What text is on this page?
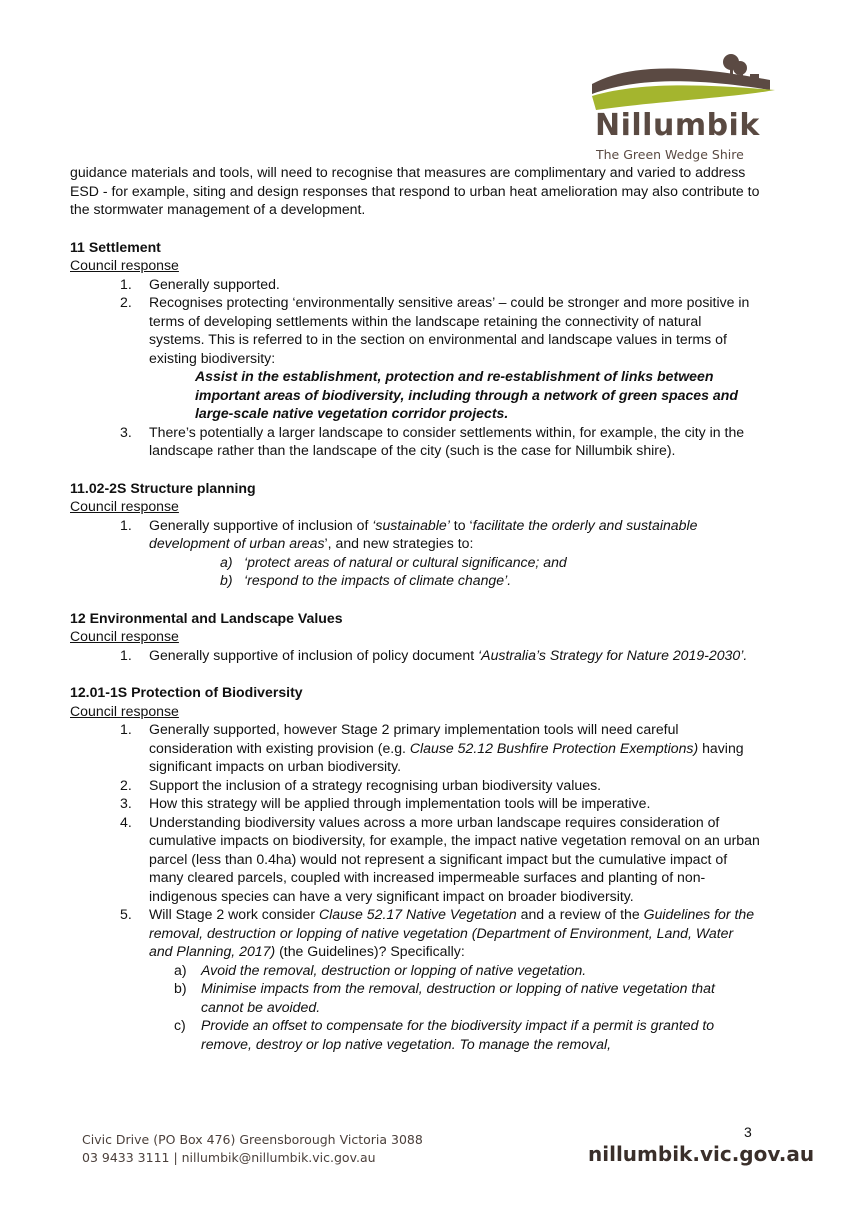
Nillumbik
The Green Wedge Shire

guidance materials and tools, will need to recognise that measures are complimentary and varied to address ESD - for example, siting and design responses that respond to urban heat amelioration may also contribute to the stormwater management of a development.

11 Settlement

Council response

1. Generally supported.
2. Recognises protecting ‘environmentally sensitive areas’ – could be stronger and more positive in terms of developing settlements within the landscape retaining the connectivity of natural systems. This is referred to in the section on environmental and landscape values in terms of existing biodiversity:
Assist in the establishment, protection and re-establishment of links between important areas of biodiversity, including through a network of green spaces and large-scale native vegetation corridor projects.
3. There’s potentially a larger landscape to consider settlements within, for example, the city in the landscape rather than the landscape of the city (such is the case for Nillumbik shire).

11.02-2S Structure planning

Council response

1. Generally supportive of inclusion of ‘sustainable’ to ‘facilitate the orderly and sustainable development of urban areas’, and new strategies to:
a) ‘protect areas of natural or cultural significance; and
b) ‘respond to the impacts of climate change’.

12 Environmental and Landscape Values

Council response

1. Generally supportive of inclusion of policy document ‘Australia’s Strategy for Nature 2019-2030’.

12.01-1S Protection of Biodiversity

Council response

1. Generally supported, however Stage 2 primary implementation tools will need careful consideration with existing provision (e.g. Clause 52.12 Bushfire Protection Exemptions) having significant impacts on urban biodiversity.
2. Support the inclusion of a strategy recognising urban biodiversity values.
3. How this strategy will be applied through implementation tools will be imperative.
4. Understanding biodiversity values across a more urban landscape requires consideration of cumulative impacts on biodiversity, for example, the impact native vegetation removal on an urban parcel (less than 0.4ha) would not represent a significant impact but the cumulative impact of many cleared parcels, coupled with increased impermeable surfaces and planting of non-indigenous species can have a very significant impact on broader biodiversity.
5. Will Stage 2 work consider Clause 52.17 Native Vegetation and a review of the Guidelines for the removal, destruction or lopping of native vegetation (Department of Environment, Land, Water and Planning, 2017) (the Guidelines)? Specifically:
a) Avoid the removal, destruction or lopping of native vegetation.
b) Minimise impacts from the removal, destruction or lopping of native vegetation that cannot be avoided.
c) Provide an offset to compensate for the biodiversity impact if a permit is granted to remove, destroy or lop native vegetation. To manage the removal,
3
Civic Drive (PO Box 476) Greensborough Victoria 3088
03 9433 3111 | nillumbik@nillumbik.vic.gov.au	nillumbik.vic.gov.au
